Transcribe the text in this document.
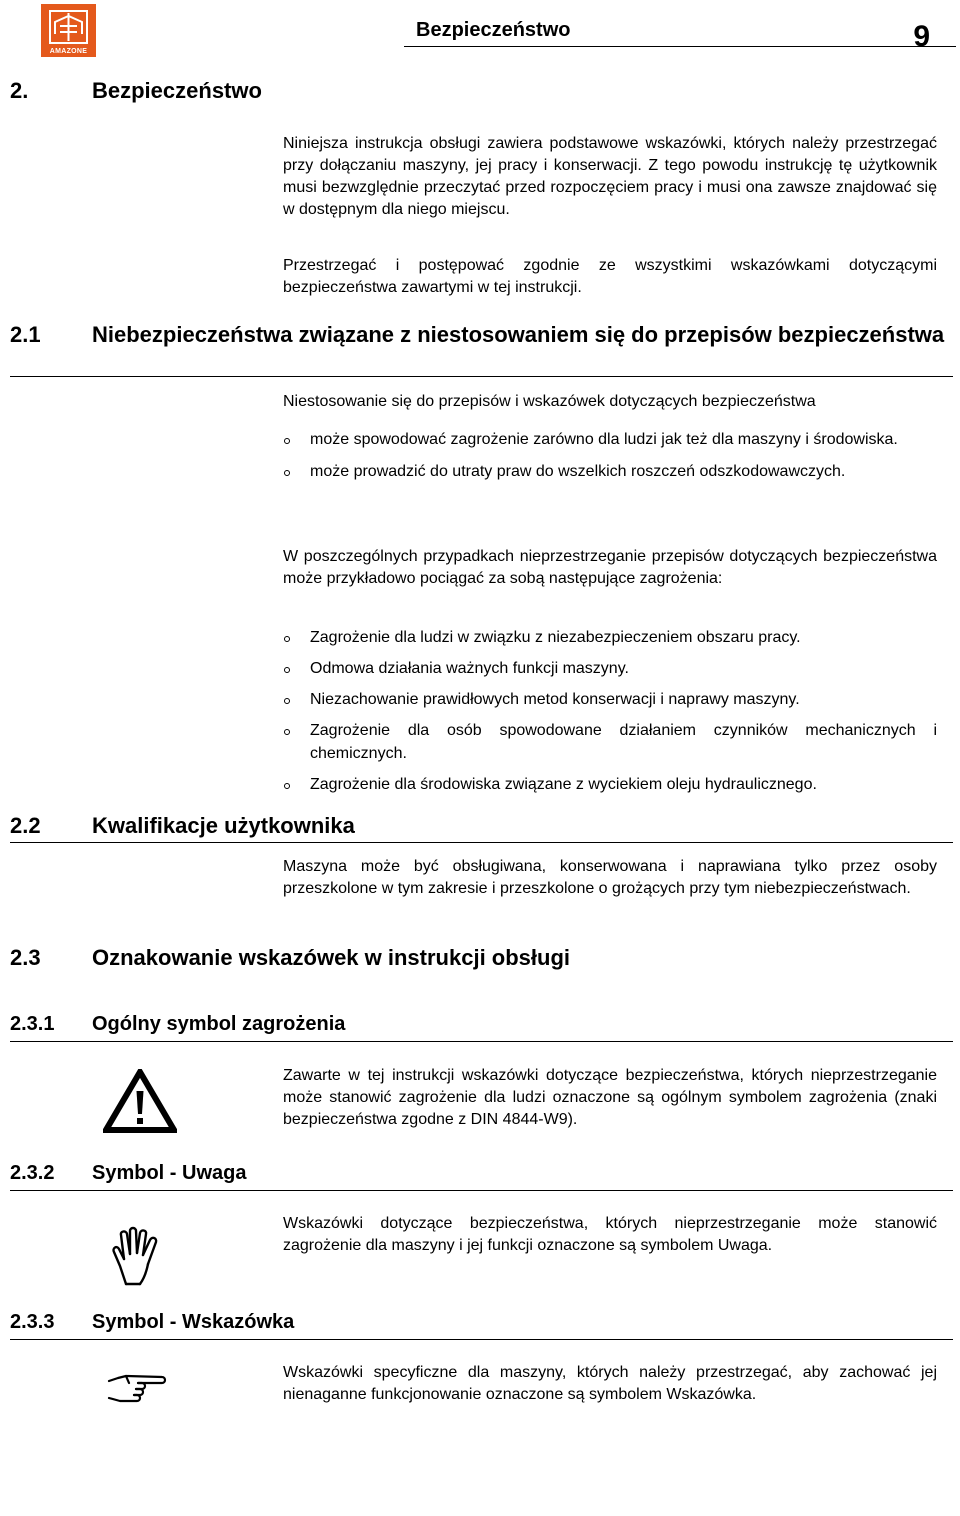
AMAZONE
Bezpieczeństwo	9
2.	Bezpieczeństwo

Niniejsza instrukcja obsługi zawiera podstawowe wskazówki, których należy przestrzegać przy dołączaniu maszyny, jej pracy i konserwacji. Z tego powodu instrukcję tę użytkownik musi bezwzględnie przeczytać przed rozpoczęciem pracy i musi ona zawsze znajdować się w dostępnym dla niego miejscu.

Przestrzegać i postępować zgodnie ze wszystkimi wskazówkami dotyczącymi bezpieczeństwa zawartymi w tej instrukcji.

2.1 Niebezpieczeństwa związane z niestosowaniem się do przepisów bezpieczeństwa

Niestosowanie się do przepisów i wskazówek dotyczących bezpieczeństwa

może spowodować zagrożenie zarówno dla ludzi jak też dla maszyny i środowiska.
może prowadzić do utraty praw do wszelkich roszczeń odszkodowawczych.

W poszczególnych przypadkach nieprzestrzeganie przepisów dotyczących bezpieczeństwa może przykładowo pociągać za sobą następujące zagrożenia:

Zagrożenie dla ludzi w związku z niezabezpieczeniem obszaru pracy.
Odmowa działania ważnych funkcji maszyny.
Niezachowanie prawidłowych metod konserwacji i naprawy maszyny.
Zagrożenie dla osób spowodowane działaniem czynników mechanicznych i chemicznych.
Zagrożenie dla środowiska związane z wyciekiem oleju hydraulicznego.
2.2 Kwalifikacje użytkownika

Maszyna może być obsługiwana, konserwowana i naprawiana tylko przez osoby przeszkolone w tym zakresie i przeszkolone o grożących przy tym niebezpieczeństwach.

2.3 Oznakowanie wskazówek w instrukcji obsługi
2.3.1 Ogólny symbol zagrożenia

Zawarte w tej instrukcji wskazówki dotyczące bezpieczeństwa, których nieprzestrzeganie może stanowić zagrożenie dla ludzi oznaczone są ogólnym symbolem zagrożenia (znaki bezpieczeństwa zgodne z DIN 4844-W9).

2.3.2 Symbol - Uwaga

Wskazówki dotyczące bezpieczeństwa, których nieprzestrzeganie może stanowić zagrożenie dla maszyny i jej funkcji oznaczone są symbolem Uwaga.

2.3.3 Symbol - Wskazówka

Wskazówki specyficzne dla maszyny, których należy przestrzegać, aby zachować jej nienaganne funkcjonowanie oznaczone są symbolem Wskazówka.
